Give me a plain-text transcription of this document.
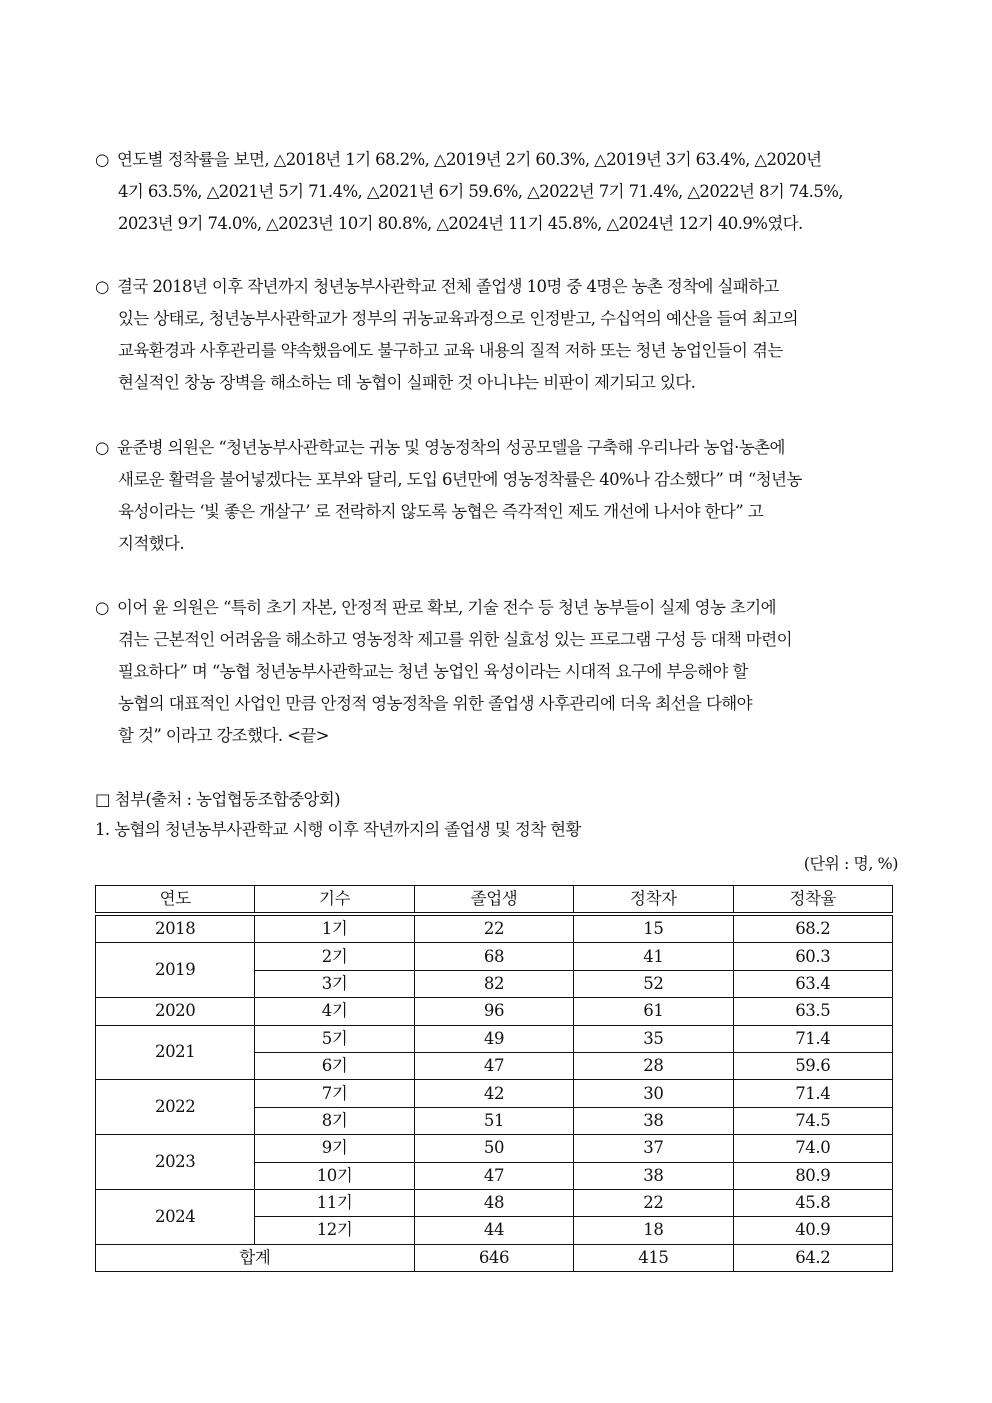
○ 연도별 정착률을 보면, △2018년 1기 68.2%, △2019년 2기 60.3%, △2019년 3기 63.4%, △2020년
4기 63.5%, △2021년 5기 71.4%, △2021년 6기 59.6%, △2022년 7기 71.4%, △2022년 8기 74.5%,
2023년 9기 74.0%, △2023년 10기 80.8%, △2024년 11기 45.8%, △2024년 12기 40.9%였다.
○ 결국 2018년 이후 작년까지 청년농부사관학교 전체 졸업생 10명 중 4명은 농촌 정착에 실패하고
있는 상태로, 청년농부사관학교가 정부의 귀농교육과정으로 인정받고, 수십억의 예산을 들여 최고의
교육환경과 사후관리를 약속했음에도 불구하고 교육 내용의 질적 저하 또는 청년 농업인들이 겪는
현실적인 창농 장벽을 해소하는 데 농협이 실패한 것 아니냐는 비판이 제기되고 있다.
○ 윤준병 의원은 “청년농부사관학교는 귀농 및 영농정착의 성공모델을 구축해 우리나라 농업·농촌에
새로운 활력을 불어넣겠다는 포부와 달리, 도입 6년만에 영농정착률은 40%나 감소했다” 며 “청년농
육성이라는 ‘빛 좋은 개살구’ 로 전락하지 않도록 농협은 즉각적인 제도 개선에 나서야 한다” 고
지적했다.
○ 이어 윤 의원은 “특히 초기 자본, 안정적 판로 확보, 기술 전수 등 청년 농부들이 실제 영농 초기에
겪는 근본적인 어려움을 해소하고 영농정착 제고를 위한 실효성 있는 프로그램 구성 등 대책 마련이
필요하다” 며 “농협 청년농부사관학교는 청년 농업인 육성이라는 시대적 요구에 부응해야 할
농협의 대표적인 사업인 만큼 안정적 영농정착을 위한 졸업생 사후관리에 더욱 최선을 다해야
할 것” 이라고 강조했다. <끝>
□ 첨부(출처 : 농업협동조합중앙회)
1. 농협의 청년농부사관학교 시행 이후 작년까지의 졸업생 및 정착 현황
(단위 : 명, %)
연도	기수	졸업생	정착자	정착율
2018	1기	22	15	68.2
2019	2기	68	41	60.3
	3기	82	52	63.4
2020	4기	96	61	63.5
2021	5기	49	35	71.4
	6기	47	28	59.6
2022	7기	42	30	71.4
	8기	51	38	74.5
2023	9기	50	37	74.0
	10기	47	38	80.9
2024	11기	48	22	45.8
	12기	44	18	40.9
합계		646	415	64.2
